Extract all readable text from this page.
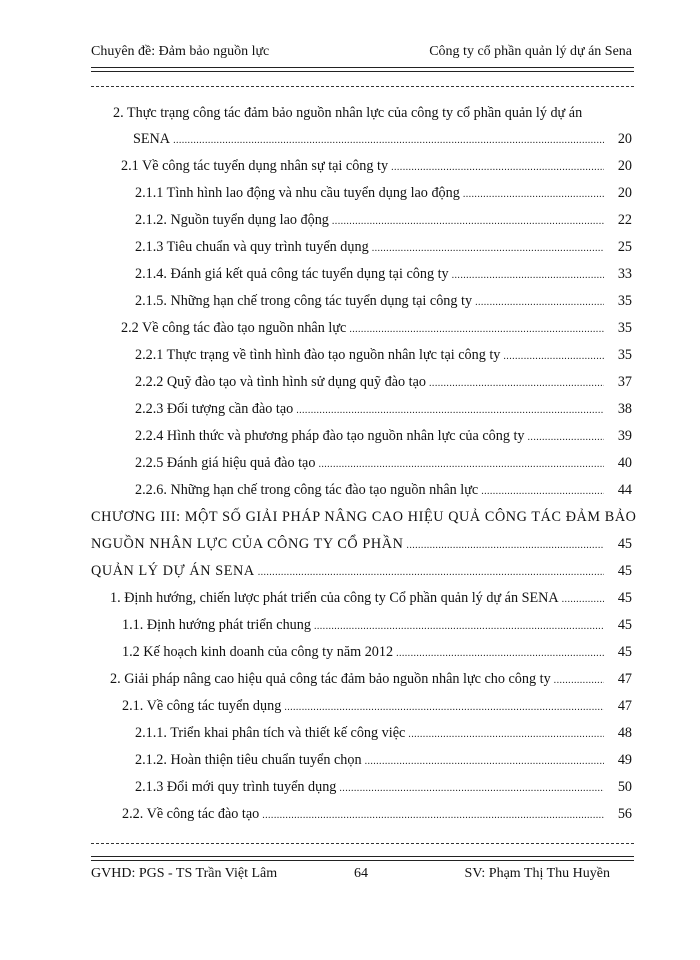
Chuyên đề: Đảm bảo nguồn lực	Công ty cổ phần quản lý dự án Sena
2. Thực trạng công tác đảm bảo nguồn nhân lực của công ty cổ phần quản lý dự án
SENA .....	20
2.1 Về công tác tuyển dụng nhân sự tại công ty .....	20
2.1.1 Tình hình lao động và nhu cầu tuyển dụng lao động .....	20
2.1.2. Nguồn tuyển dụng lao động .....	22
2.1.3 Tiêu chuẩn và quy trình tuyển dụng .....	25
2.1.4. Đánh giá kết quả công tác tuyển dụng tại công ty .....	33
2.1.5. Những hạn chế trong công tác tuyển dụng tại công ty .....	35
2.2 Về công tác đào tạo nguồn nhân lực .....	35
2.2.1 Thực trạng về tình hình đào tạo nguồn nhân lực tại công ty .....	35
2.2.2 Quỹ đào tạo và tình hình sử dụng quỹ đào tạo .....	37
2.2.3 Đối tượng cần đào tạo .....	38
2.2.4 Hình thức và phương pháp đào tạo nguồn nhân lực của công ty .....	39
2.2.5 Đánh giá hiệu quả đào tạo .....	40
2.2.6. Những hạn chế trong công tác đào tạo nguồn nhân lực .....	44
CHƯƠNG III: MỘT SỐ GIẢI PHÁP NÂNG CAO HIỆU QUẢ CÔNG TÁC ĐẢM BẢO
NGUỒN NHÂN LỰC CỦA CÔNG TY CỔ PHẦN .....	45
QUẢN LÝ DỰ ÁN SENA .....	45
1. Định hướng, chiến lược phát triển của công ty Cổ phần quản lý dự án SENA .....	45
1.1. Định hướng phát triển chung .....	45
1.2 Kế hoạch kinh doanh của công ty năm 2012 .....	45
2. Giải pháp nâng cao hiệu quả công tác đảm bảo nguồn nhân lực cho công ty .....	47
2.1. Về công tác tuyển dụng .....	47
2.1.1. Triển khai phân tích và thiết kế công việc .....	48
2.1.2. Hoàn thiện tiêu chuẩn tuyển chọn .....	49
2.1.3 Đổi mới quy trình tuyển dụng .....	50
2.2. Về công tác đào tạo .....	56
GVHD: PGS - TS Trần Việt Lâm	64	SV: Phạm Thị Thu Huyền
